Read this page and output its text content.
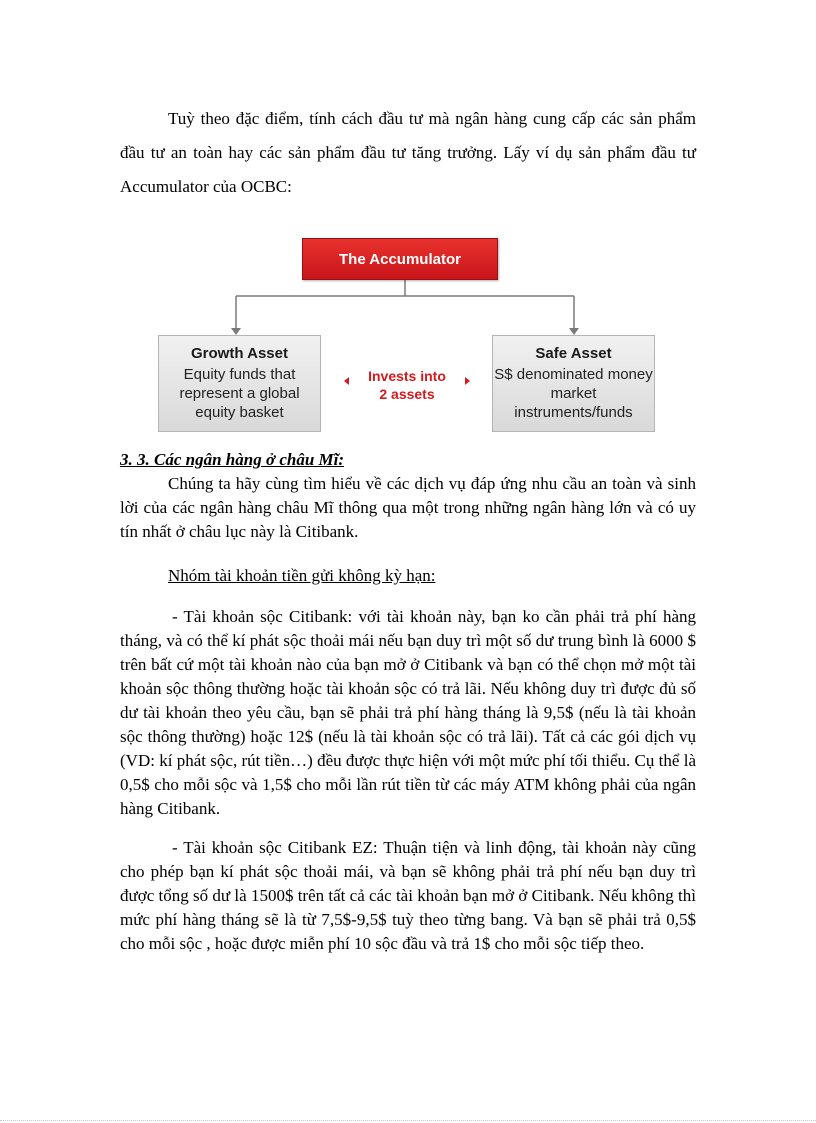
Tuỳ theo đặc điểm, tính cách đầu tư mà ngân hàng cung cấp các sản phẩm đầu tư an toàn hay các sản phẩm đầu tư tăng trưởng. Lấy ví dụ sản phẩm đầu tư Accumulator của OCBC:

The Accumulator
Growth Asset
Equity funds that represent a global equity basket
Invests into
2 assets
Safe Asset
S$ denominated money market instruments/funds

3. 3. Các ngân hàng ở châu Mĩ:

Chúng ta hãy cùng tìm hiểu về các dịch vụ đáp ứng nhu cầu an toàn và sinh lời của các ngân hàng châu Mĩ thông qua một trong những ngân hàng lớn và có uy tín nhất ở châu lục này là Citibank.

Nhóm tài khoản tiền gửi không kỳ hạn:

- Tài khoản sộc Citibank: với tài khoản này, bạn ko cần phải trả phí hàng tháng, và có thể kí phát sộc thoải mái nếu bạn duy trì một số dư trung bình là 6000 $ trên bất cứ một tài khoản nào của bạn mở ở Citibank và bạn có thể chọn mở một tài khoản sộc thông thường hoặc tài khoản sộc có trả lãi. Nếu không duy trì được đủ số dư tài khoản theo yêu cầu, bạn sẽ phải trả phí hàng tháng là 9,5$ (nếu là tài khoản sộc thông thường) hoặc 12$ (nếu là tài khoản sộc có trả lãi). Tất cả các gói dịch vụ (VD: kí phát sộc, rút tiền…) đều được thực hiện với một mức phí tối thiểu. Cụ thể là 0,5$ cho mỗi sộc và 1,5$ cho mỗi lần rút tiền từ các máy ATM không phải của ngân hàng Citibank.

- Tài khoản sộc Citibank EZ: Thuận tiện và linh động, tài khoản này cũng cho phép bạn kí phát sộc thoải mái, và bạn sẽ không phải trả phí nếu bạn duy trì được tổng số dư là 1500$ trên tất cả các tài khoản bạn mở ở Citibank. Nếu không thì mức phí hàng tháng sẽ là từ 7,5$-9,5$ tuỳ theo từng bang. Và bạn sẽ phải trả 0,5$ cho mỗi sộc , hoặc được miễn phí 10 sộc đầu và trả 1$ cho mỗi sộc tiếp theo.
